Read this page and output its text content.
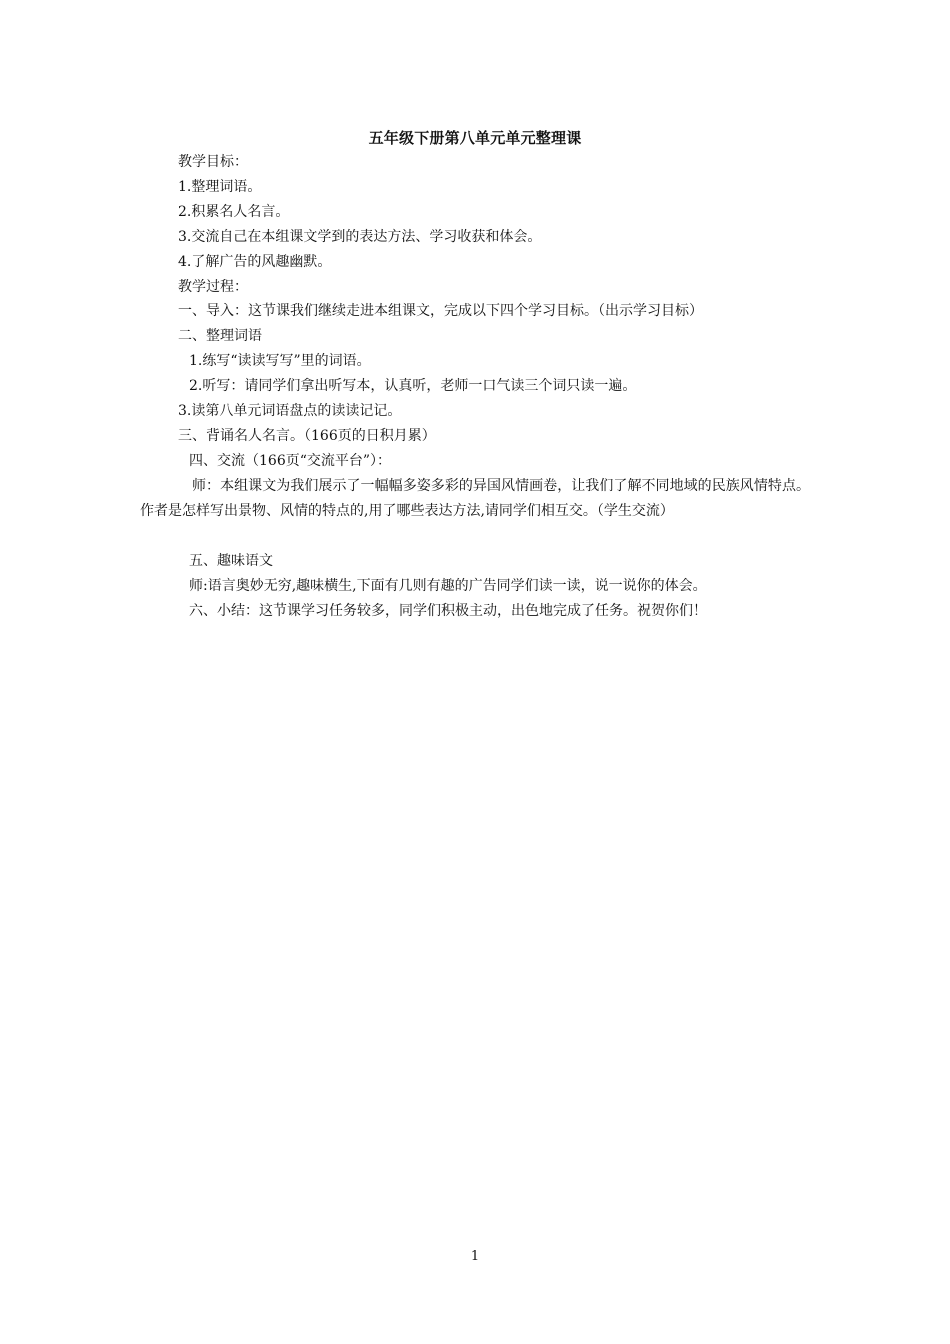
五年级下册第八单元单元整理课
教学目标：
1.整理词语。
2.积累名人名言。
3.交流自己在本组课文学到的表达方法、学习收获和体会。
4.了解广告的风趣幽默。
教学过程：
一、导入：这节课我们继续走进本组课文，完成以下四个学习目标。（出示学习目标）
二、整理词语
1.练写“读读写写”里的词语。
2.听写：请同学们拿出听写本，认真听，老师一口气读三个词只读一遍。
3.读第八单元词语盘点的读读记记。
三、背诵名人名言。（166页的日积月累）
四、交流（166页“交流平台”）：
师：本组课文为我们展示了一幅幅多姿多彩的异国风情画卷，让我们了解不同地域的民族风情特点。作者是怎样写出景物、风情的特点的,用了哪些表达方法,请同学们相互交。（学生交流）
五、趣味语文
师:语言奥妙无穷,趣味横生,下面有几则有趣的广告同学们读一读，说一说你的体会。
六、小结：这节课学习任务较多，同学们积极主动，出色地完成了任务。祝贺你们！
1
